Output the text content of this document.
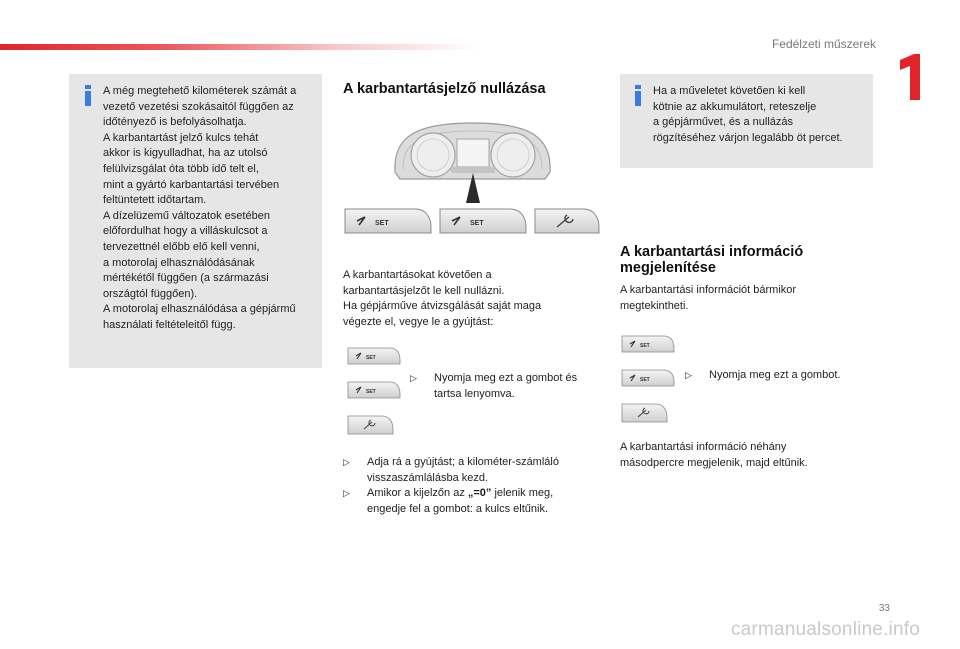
Fedélzeti műszerek
A még megtehető kilométerek számát a
vezető vezetési szokásaitól függően az
időtényező is befolyásolhatja.
A karbantartást jelző kulcs tehát
akkor is kigyulladhat, ha az utolsó
felülvizsgálat óta több idő telt el,
mint a gyártó karbantartási tervében
feltüntetett időtartam.
A dízelüzemű változatok esetében
előfordulhat hogy a villáskulcsot a
tervezettnél előbb elő kell venni,
a motorolaj elhasználódásának
mértékétől függően (a származási
országtól függően).
A motorolaj elhasználódása a gépjármű
használati feltételeitől függ.
A karbantartásjelző nullázása
SET	SET
A karbantartásokat követően a
karbantartásjelzőt le kell nullázni.
Ha gépjárműve átvizsgálását saját maga
végezte el, vegye le a gyújtást:
SET
SET
▷	Nyomja meg ezt a gombot és
tartsa lenyomva.
▷	Adja rá a gyújtást; a kilométer-számláló
visszaszámlálásba kezd.
▷	Amikor a kijelzőn az „=0” jelenik meg,
engedje fel a gombot: a kulcs eltűnik.
Ha a műveletet követően ki kell
kötnie az akkumulátort, reteszelje
a gépjárművet, és a nullázás
rögzítéséhez várjon legalább öt percet.
A karbantartási információ
megjelenítése
A karbantartási információt bármikor
megtekintheti.
SET
SET	▷	Nyomja meg ezt a gombot.
A karbantartási információ néhány
másodpercre megjelenik, majd eltűnik.
33
carmanualsonline.info
